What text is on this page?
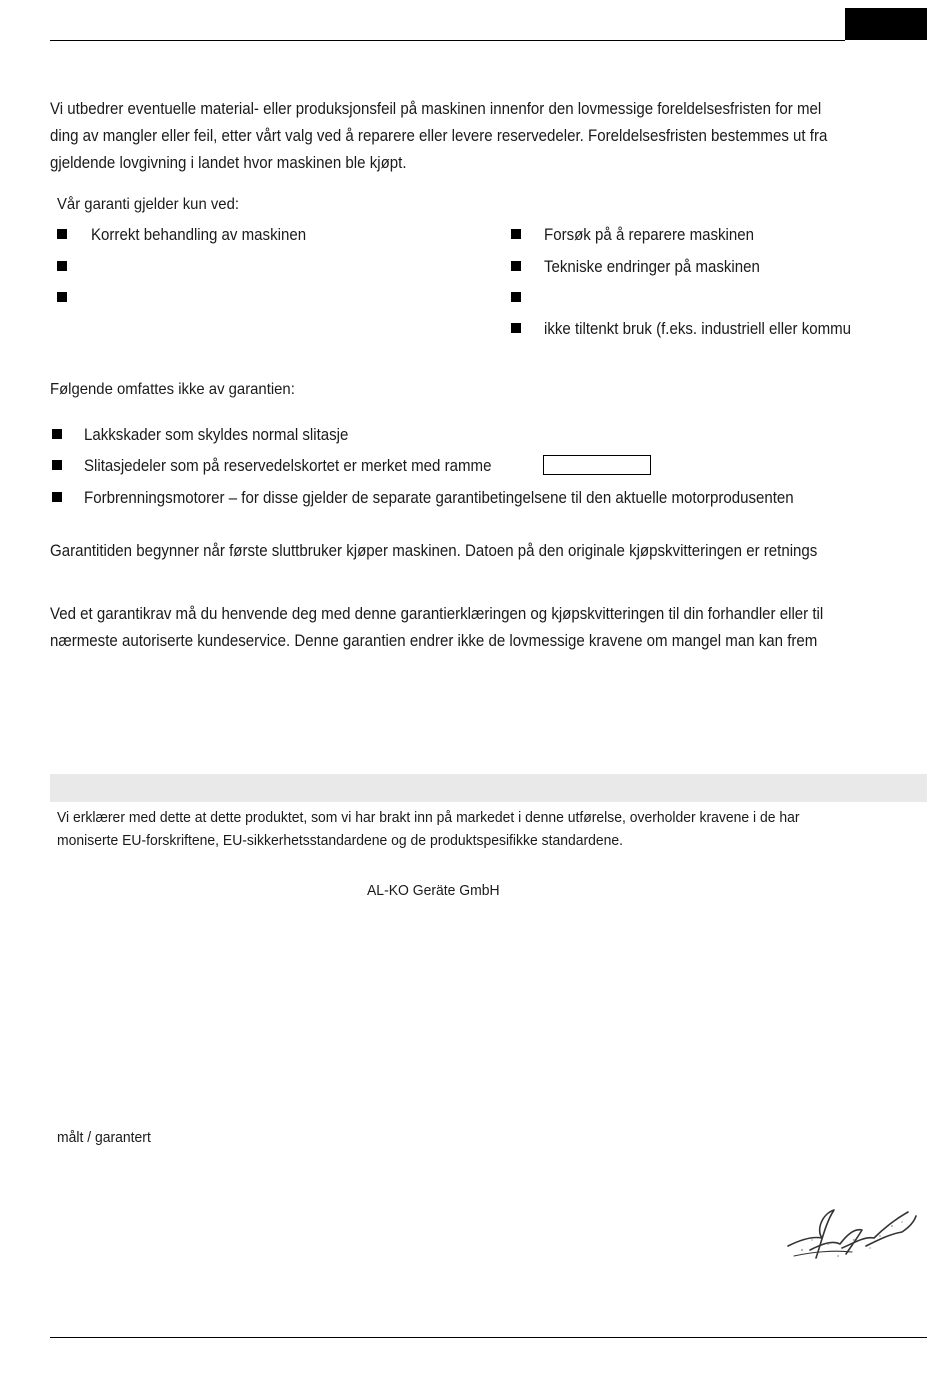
Vi utbedrer eventuelle material- eller produksjonsfeil på maskinen innenfor den lovmessige foreldelsesfristen for mel
ding av mangler eller feil, etter vårt valg ved å reparere eller levere reservedeler. Foreldelsesfristen bestemmes ut fra
gjeldende lovgivning i landet hvor maskinen ble kjøpt.
Vår garanti gjelder kun ved:
Korrekt behandling av maskinen	Forsøk på å reparere maskinen
Tekniske endringer på maskinen
ikke tiltenkt bruk (f.eks. industriell eller kommu
Følgende omfattes ikke av garantien:
Lakkskader som skyldes normal slitasje
Slitasjedeler som på reservedelskortet er merket med ramme
Forbrenningsmotorer – for disse gjelder de separate garantibetingelsene til den aktuelle motorprodusenten
Garantitiden begynner når første sluttbruker kjøper maskinen. Datoen på den originale kjøpskvitteringen er retnings
Ved et garantikrav må du henvende deg med denne garantierklæringen og kjøpskvitteringen til din forhandler eller til
nærmeste autoriserte kundeservice. Denne garantien endrer ikke de lovmessige kravene om mangel man kan frem
Vi erklærer med dette at dette produktet, som vi har brakt inn på markedet i denne utførelse, overholder kravene i de har
moniserte EU-forskriftene, EU-sikkerhetsstandardene og de produktspesifikke standardene.
AL-KO Geräte GmbH
målt / garantert
